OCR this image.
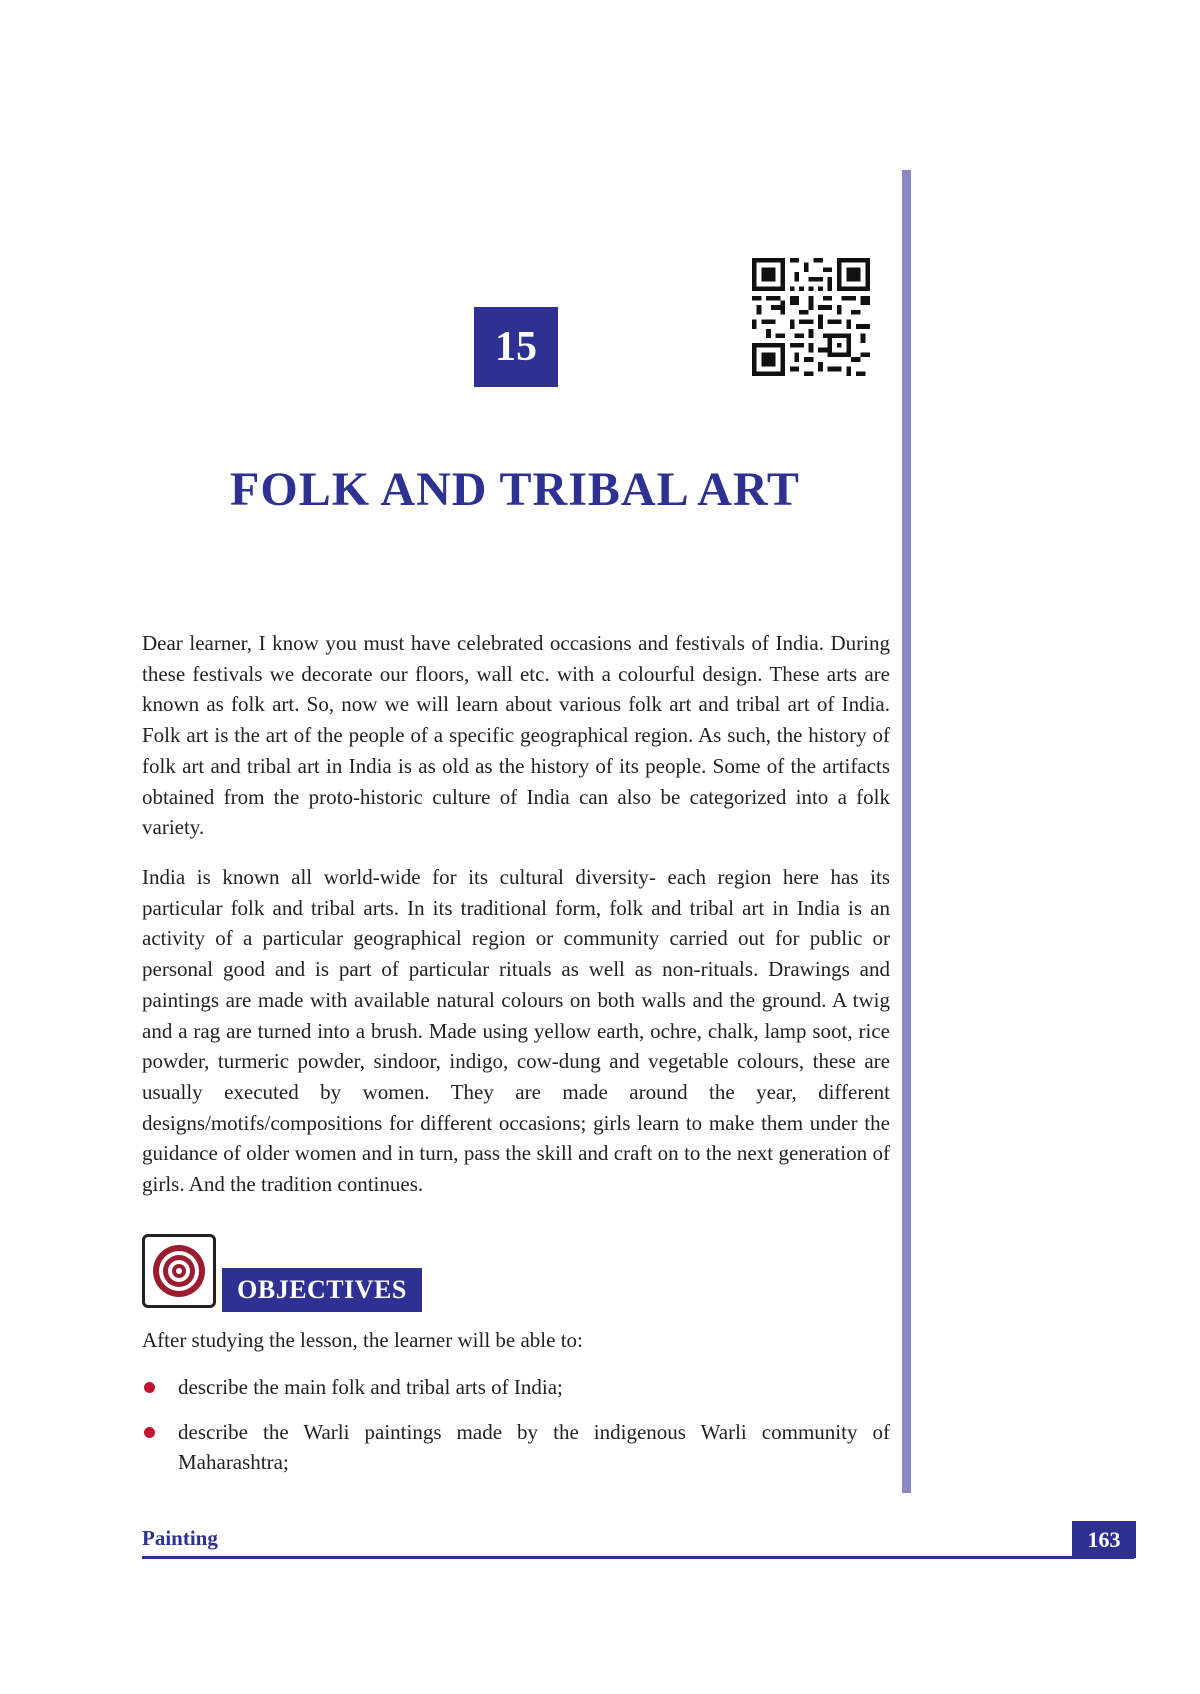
15
FOLK AND TRIBAL ART

Dear learner, I know you must have celebrated occasions and festivals of India. During these festivals we decorate our floors, wall etc. with a colourful design. These arts are known as folk art. So, now we will learn about various folk art and tribal art of India. Folk art is the art of the people of a specific geographical region. As such, the history of folk art and tribal art in India is as old as the history of its people. Some of the artifacts obtained from the proto-historic culture of India can also be categorized into a folk variety.

India is known all world-wide for its cultural diversity- each region here has its particular folk and tribal arts. In its traditional form, folk and tribal art in India is an activity of a particular geographical region or community carried out for public or personal good and is part of particular rituals as well as non-rituals. Drawings and paintings are made with available natural colours on both walls and the ground. A twig and a rag are turned into a brush. Made using yellow earth, ochre, chalk, lamp soot, rice powder, turmeric powder, sindoor, indigo, cow-dung and vegetable colours, these are usually executed by women. They are made around the year, different designs/motifs/compositions for different occasions; girls learn to make them under the guidance of older women and in turn, pass the skill and craft on to the next generation of girls. And the tradition continues.

OBJECTIVES

After studying the lesson, the learner will be able to:

describe the main folk and tribal arts of India;
describe the Warli paintings made by the indigenous Warli community of Maharashtra;
Painting	163
